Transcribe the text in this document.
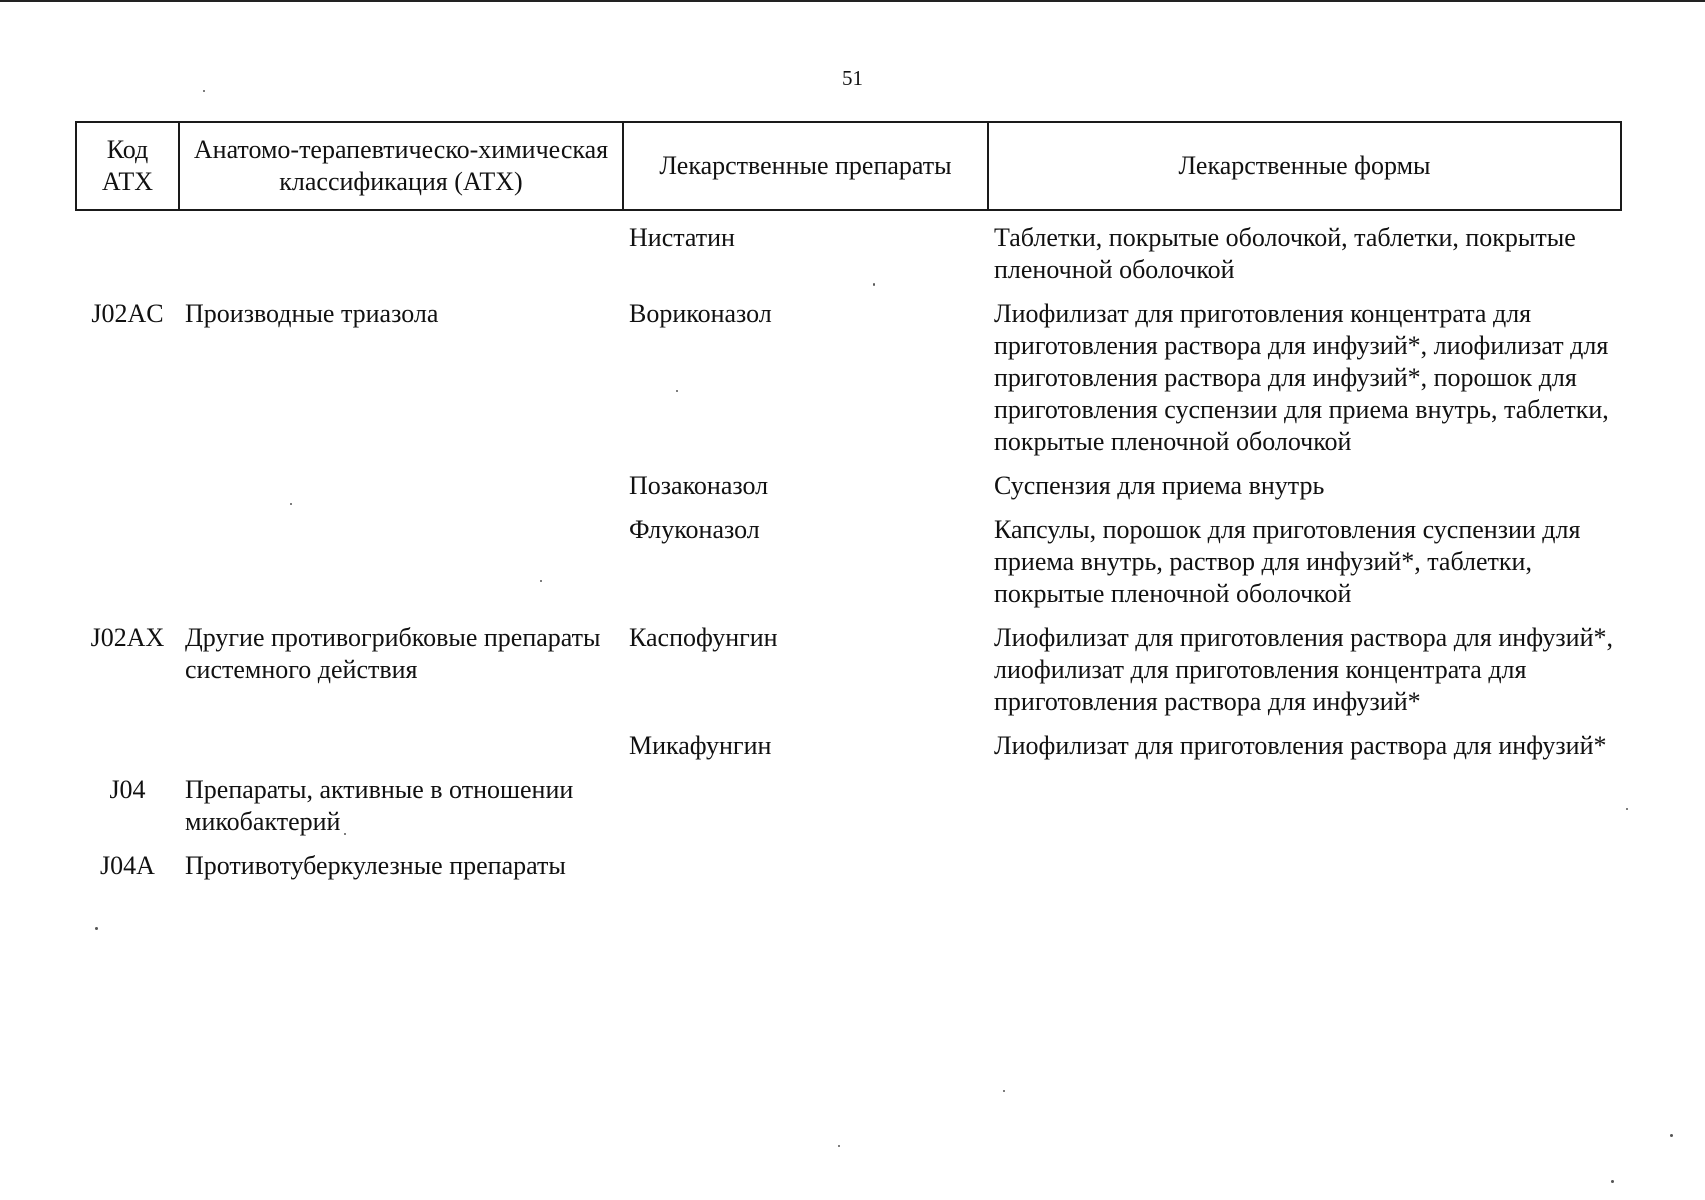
51
Код АТХ	Анатомо-терапевтическо-химическая классификация (АТХ)	Лекарственные препараты	Лекарственные формы
		Нистатин	Таблетки, покрытые оболочкой, таблетки, покрытые пленочной оболочкой
J02AC	Производные триазола	Вориконазол	Лиофилизат для приготовления концентрата для приготовления раствора для инфузий*, лиофилизат для приготовления раствора для инфузий*, порошок для приготовления суспензии для приема внутрь, таблетки, покрытые пленочной оболочкой
		Позаконазол	Суспензия для приема внутрь
		Флуконазол	Капсулы, порошок для приготовления суспензии для приема внутрь, раствор для инфузий*, таблетки, покрытые пленочной оболочкой
J02AX	Другие противогрибковые препараты системного действия	Каспофунгин	Лиофилизат для приготовления раствора для инфузий*, лиофилизат для приготовления концентрата для приготовления раствора для инфузий*
		Микафунгин	Лиофилизат для приготовления раствора для инфузий*
J04	Препараты, активные в отношении микобактерий		
J04A	Противотуберкулезные препараты		
